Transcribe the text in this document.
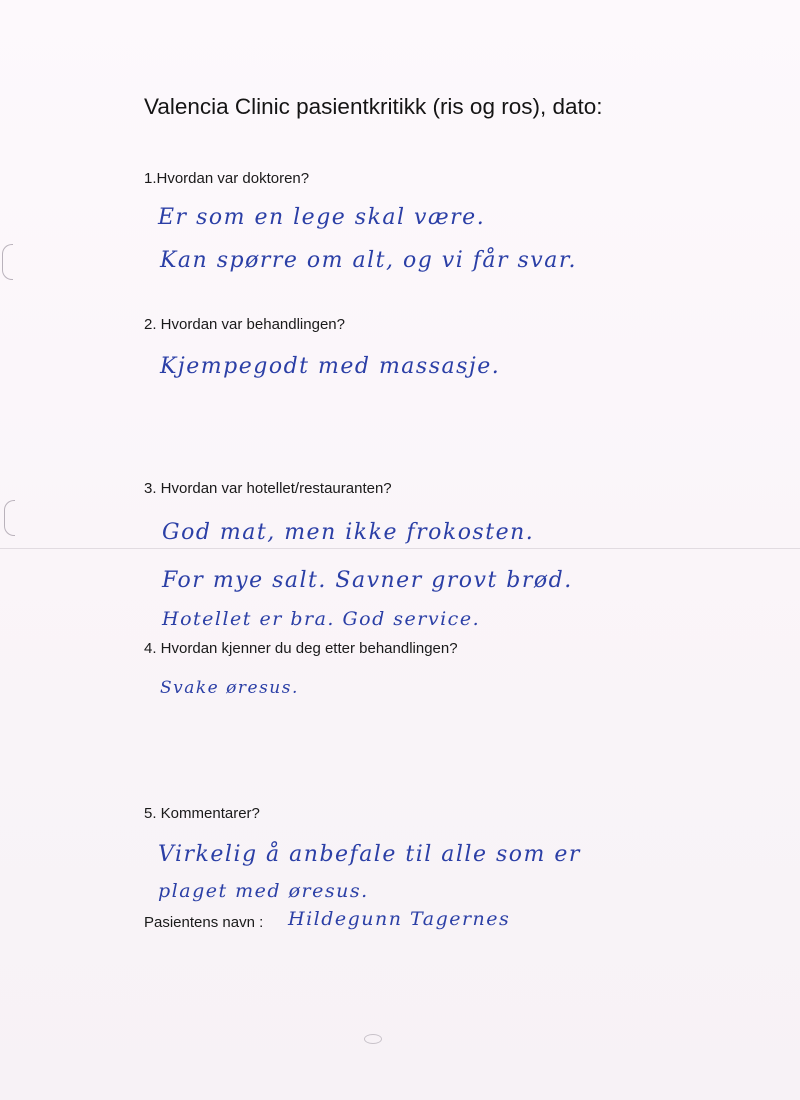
Valencia Clinic pasientkritikk (ris og ros), dato:
1.Hvordan var doktoren?
Er som en lege skal være.
Kan spørre om alt, og vi får svar.
2. Hvordan var behandlingen?
Kjempegodt med massasje.
3. Hvordan var hotellet/restauranten?
God mat, men ikke frokosten.
For mye salt. Savner grovt brød.
Hotellet er bra. God service.
4. Hvordan kjenner du deg etter behandlingen?
Svake øresus.
5. Kommentarer?
Virkelig å anbefale til alle som er
plaget med øresus.
Pasientens navn : Hildegunn Tagernes
